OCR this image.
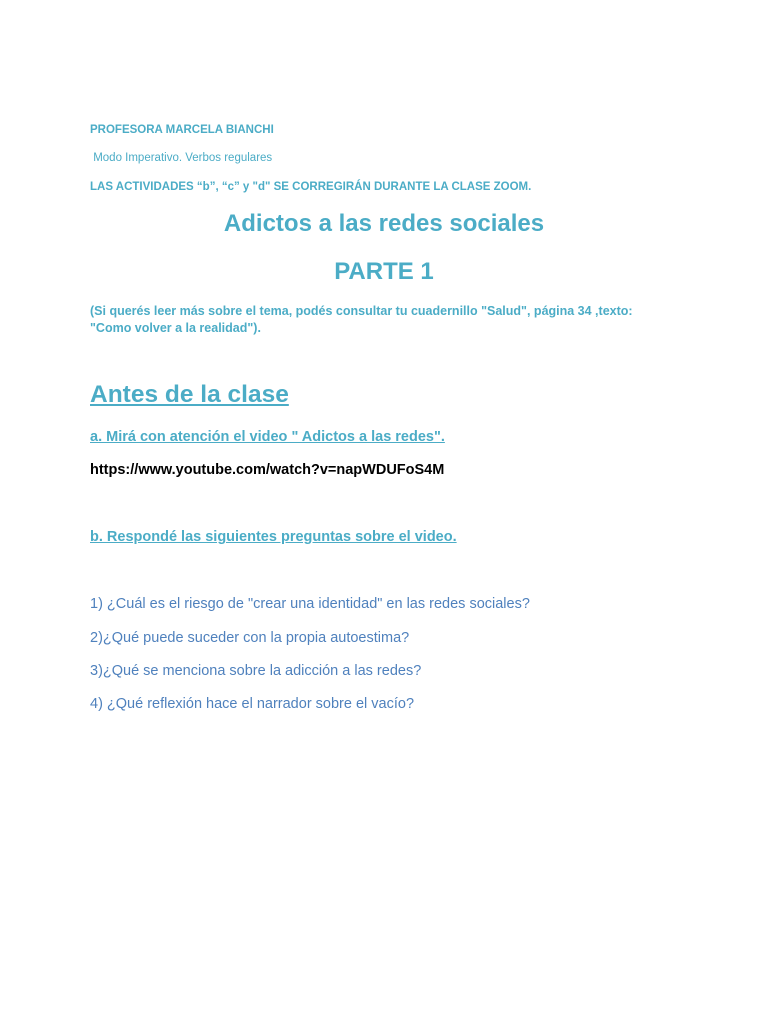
PROFESORA MARCELA BIANCHI
Modo Imperativo. Verbos regulares
LAS ACTIVIDADES “b”, “c” y "d" SE CORREGIRÁN DURANTE LA CLASE ZOOM.
Adictos a las redes sociales
PARTE 1
(Si querés leer más sobre el tema, podés consultar tu cuadernillo "Salud", página 34 ,texto: "Como volver a la realidad").
Antes de la clase
a. Mirá con atención el video " Adictos a las redes".
https://www.youtube.com/watch?v=napWDUFoS4M
b. Respondé las siguientes preguntas sobre el video.
1) ¿Cuál es el riesgo de "crear una identidad" en las redes sociales?
2)¿Qué puede suceder con la propia autoestima?
3)¿Qué se menciona sobre la adicción a las redes?
4) ¿Qué reflexión hace el narrador sobre el vacío?
